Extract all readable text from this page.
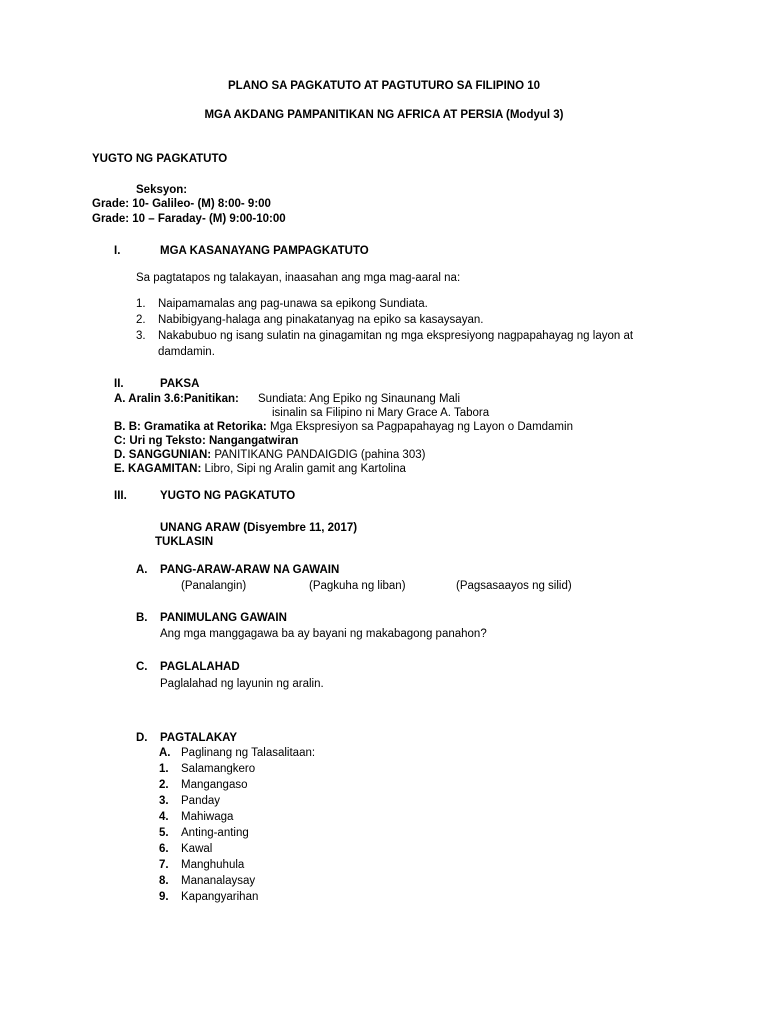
PLANO SA PAGKATUTO AT PAGTUTURO SA FILIPINO 10
MGA AKDANG PAMPANITIKAN NG AFRICA AT PERSIA (Modyul 3)
YUGTO NG PAGKATUTO
Seksyon:
Grade: 10- Galileo- (M) 8:00- 9:00
Grade: 10 – Faraday- (M) 9:00-10:00
I.	MGA KASANAYANG PAMPAGKATUTO
Sa pagtatapos ng talakayan, inaasahan ang mga mag-aaral na:
1. Naipamamalas ang pag-unawa sa epikong Sundiata.
2. Nabibigyang-halaga ang pinakatanyag na epiko sa kasaysayan.
3. Nakabubuo ng isang sulatin na ginagamitan ng mga ekspresiyong nagpapahayag ng layon at
damdamin.
II.	PAKSA
A. Aralin 3.6:Panitikan: Sundiata: Ang Epiko ng Sinaunang Mali
isinalin sa Filipino ni Mary Grace A. Tabora
B. B: Gramatika at Retorika: Mga Ekspresiyon sa Pagpapahayag ng Layon o Damdamin
C: Uri ng Teksto: Nangangatwiran
D. SANGGUNIAN: PANITIKANG PANDAIGDIG (pahina 303)
E. KAGAMITAN: Libro, Sipi ng Aralin gamit ang Kartolina
III.	YUGTO NG PAGKATUTO
UNANG ARAW (Disyembre 11, 2017)
TUKLASIN
A. PANG-ARAW-ARAW NA GAWAIN
(Panalangin)	(Pagkuha ng liban)	(Pagsasaayos ng silid)
B. PANIMULANG GAWAIN
Ang mga manggagawa ba ay bayani ng makabagong panahon?
C. PAGLALAHAD
Paglalahad ng layunin ng aralin.
D. PAGTALAKAY
A. Paglinang ng Talasalitaan:
1. Salamangkero
2. Mangangaso
3. Panday
4. Mahiwaga
5. Anting-anting
6. Kawal
7. Manghuhula
8. Mananalaysay
9. Kapangyarihan
